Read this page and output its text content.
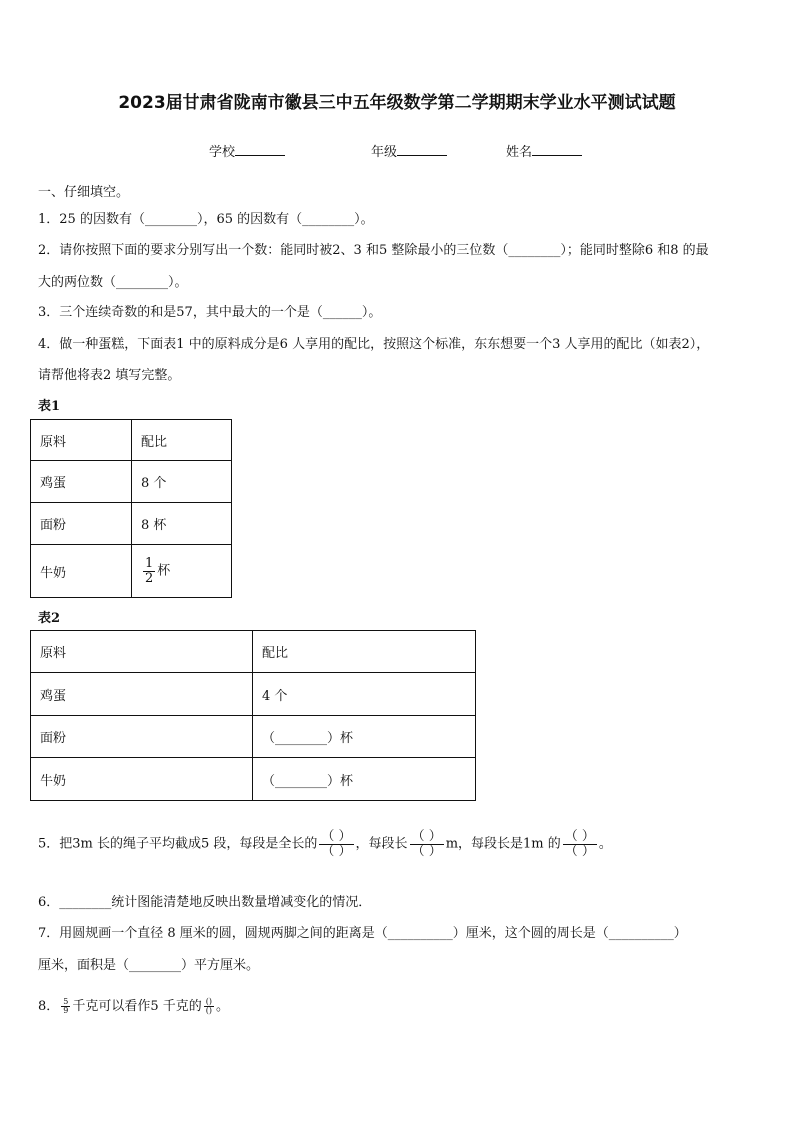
2023届甘肃省陇南市徽县三中五年级数学第二学期期末学业水平测试试题
学校	年级	姓名
一、仔细填空。
1．25 的因数有（________），65 的因数有（________）。
2．请你按照下面的要求分别写出一个数：能同时被2、3 和5 整除最小的三位数（________）；能同时整除6 和8 的最
大的两位数（________）。
3．三个连续奇数的和是57，其中最大的一个是（______）。
4．做一种蛋糕，下面表1 中的原料成分是6 人享用的配比，按照这个标准，东东想要一个3 人享用的配比（如表2），
请帮他将表2 填写完整。
表1
原料	配比
鸡蛋	8 个
面粉	8 杯
牛奶	$\frac{1}{2}$ 杯
表2
原料	配比
鸡蛋	4 个
面粉	（________）杯
牛奶	（________）杯
5．把3m 长的绳子平均截成5 段，每段是全长的 $\frac{( )}{( )}$ ，每段长 $\frac{( )}{( )}$ m，每段长是1m 的 $\frac{( )}{( )}$ 。
6．________统计图能清楚地反映出数量增减变化的情况．
7．用圆规画一个直径 8 厘米的圆，圆规两脚之间的距离是（__________）厘米，这个圆的周长是（__________）
厘米，面积是（________）平方厘米。
8． $\frac{5}{9}$ 千克可以看作5 千克的 $\frac{()}{()}$ 。
